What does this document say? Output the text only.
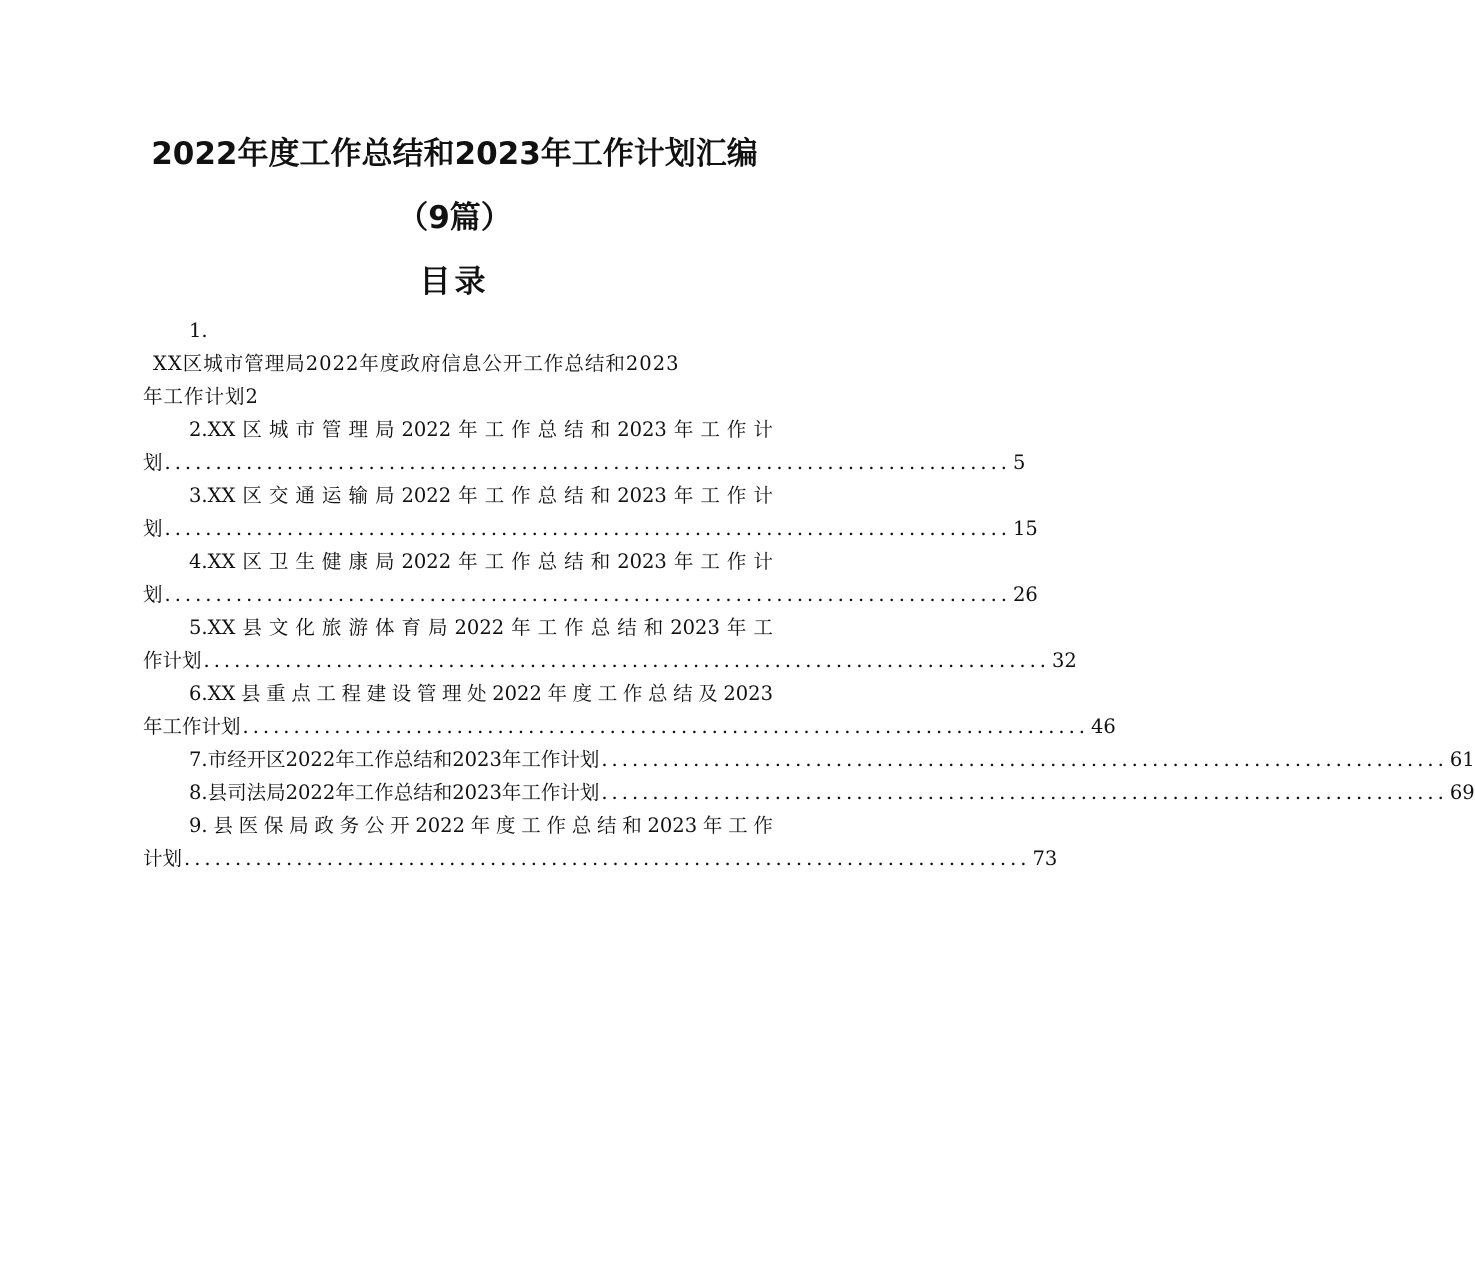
2022年度工作总结和2023年工作计划汇编
（9篇）
目录
1.
XX区城市管理局2022年度政府信息公开工作总结和2023
年工作计划2
2.XX 区 城 市 管 理 局 2022 年 工 作 总 结 和 2023 年 工 作 计
划 ................................................................................... 5
3.XX 区 交 通 运 输 局 2022 年 工 作 总 结 和 2023 年 工 作 计
划 ................................................................................... 15
4.XX 区 卫 生 健 康 局 2022 年 工 作 总 结 和 2023 年 工 作 计
划 ................................................................................... 26
5.XX 县 文 化 旅 游 体 育 局 2022 年 工 作 总 结 和 2023 年 工
作计划 ................................................................................... 32
6.XX 县 重 点 工 程 建 设 管 理 处 2022 年 度 工 作 总 结 及 2023
年工作计划 ................................................................................... 46
7.市经开区2022年工作总结和2023年工作计划 ................................................................................... 61
8.县司法局2022年工作总结和2023年工作计划 ................................................................................... 69
9. 县 医 保 局 政 务 公 开 2022 年 度 工 作 总 结 和 2023 年 工 作
计划 ................................................................................... 73
